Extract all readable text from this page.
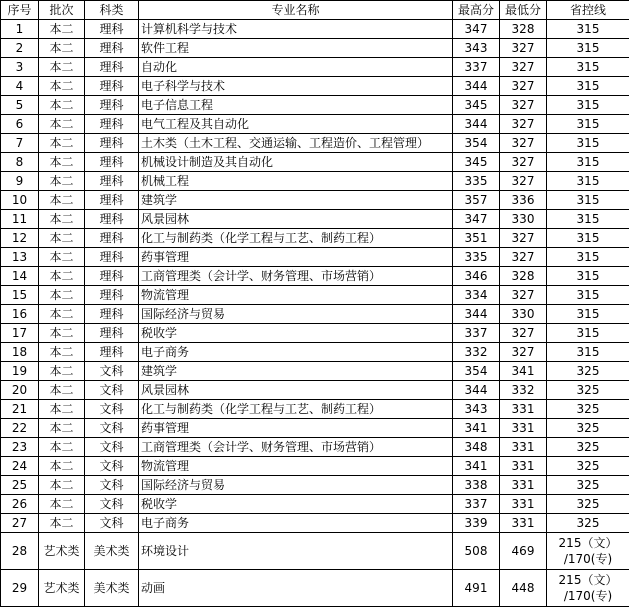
序号	批次	科类	专业名称	最高分	最低分	省控线
1	本二	理科	计算机科学与技术	347	328	315
2	本二	理科	软件工程	343	327	315
3	本二	理科	自动化	337	327	315
4	本二	理科	电子科学与技术	344	327	315
5	本二	理科	电子信息工程	345	327	315
6	本二	理科	电气工程及其自动化	344	327	315
7	本二	理科	土木类（土木工程、交通运输、工程造价、工程管理）	354	327	315
8	本二	理科	机械设计制造及其自动化	345	327	315
9	本二	理科	机械工程	335	327	315
10	本二	理科	建筑学	357	336	315
11	本二	理科	风景园林	347	330	315
12	本二	理科	化工与制药类（化学工程与工艺、制药工程）	351	327	315
13	本二	理科	药事管理	335	327	315
14	本二	理科	工商管理类（会计学、财务管理、市场营销）	346	328	315
15	本二	理科	物流管理	334	327	315
16	本二	理科	国际经济与贸易	344	330	315
17	本二	理科	税收学	337	327	315
18	本二	理科	电子商务	332	327	315
19	本二	文科	建筑学	354	341	325
20	本二	文科	风景园林	344	332	325
21	本二	文科	化工与制药类（化学工程与工艺、制药工程）	343	331	325
22	本二	文科	药事管理	341	331	325
23	本二	文科	工商管理类（会计学、财务管理、市场营销）	348	331	325
24	本二	文科	物流管理	341	331	325
25	本二	文科	国际经济与贸易	338	331	325
26	本二	文科	税收学	337	331	325
27	本二	文科	电子商务	339	331	325
28	艺术类	美术类	环境设计	508	469	215（文）
/170(专)

29	艺术类	美术类	动画	491	448	215（文）
/170(专)
